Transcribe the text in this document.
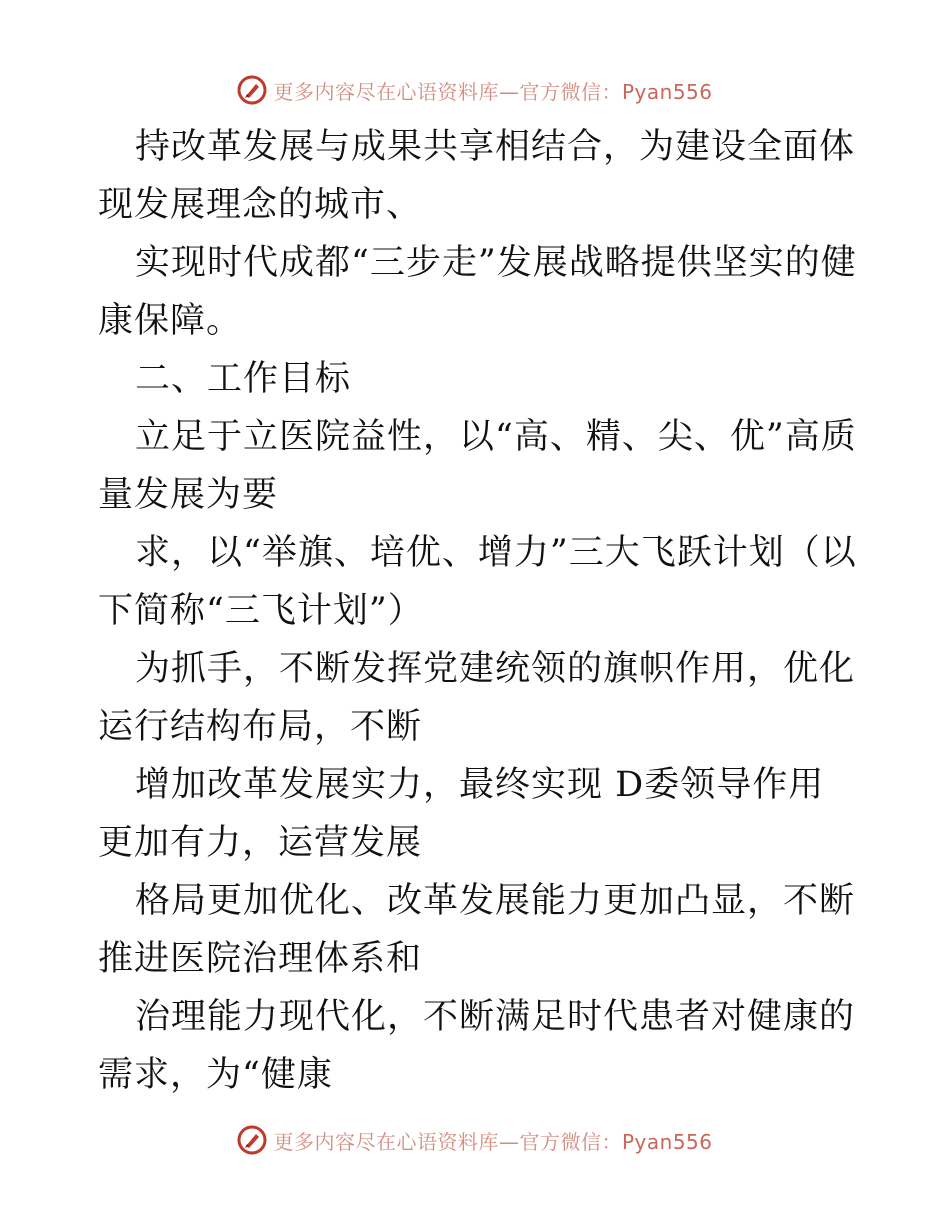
更多内容尽在心语资料库—官方微信：Pyan556

持改革发展与成果共享相结合，为建设全面体现发展理念的城市、

实现时代成都“三步走”发展战略提供坚实的健康保障。

二、工作目标

立足于立医院益性，以“高、精、尖、优”高质量发展为要

求，以“举旗、培优、增力”三大飞跃计划（以下简称“三飞计划”）

为抓手，不断发挥党建统领的旗帜作用，优化运行结构布局，不断

增加改革发展实力，最终实现 D委领导作用更加有力，运营发展

格局更加优化、改革发展能力更加凸显，不断推进医院治理体系和

治理能力现代化，不断满足时代患者对健康的需求，为“健康

更多内容尽在心语资料库—官方微信：Pyan556
